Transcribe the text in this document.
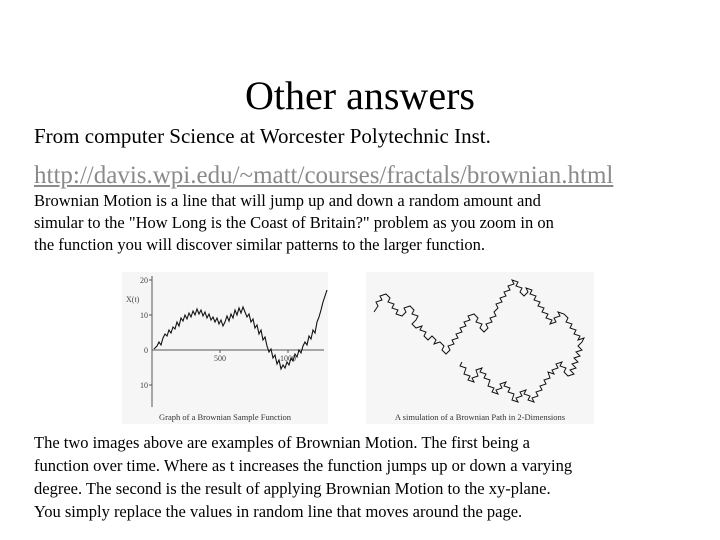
Other answers
From computer Science at Worcester Polytechnic Inst.
http://davis.wpi.edu/~matt/courses/fractals/brownian.html
Brownian Motion is a line that will jump up and down a random amount and
simular to the "How Long is the Coast of Britain?" problem as you zoom in on
the function you will discover similar patterns to the larger function.
20
10
0
10
X(t)
500	1000
Graph of a Brownian Sample Function	A simulation of a Brownian Path in 2-Dimensions
The two images above are examples of Brownian Motion. The first being a
function over time. Where as t increases the function jumps up or down a varying
degree. The second is the result of applying Brownian Motion to the xy-plane.
You simply replace the values in random line that moves around the page.
